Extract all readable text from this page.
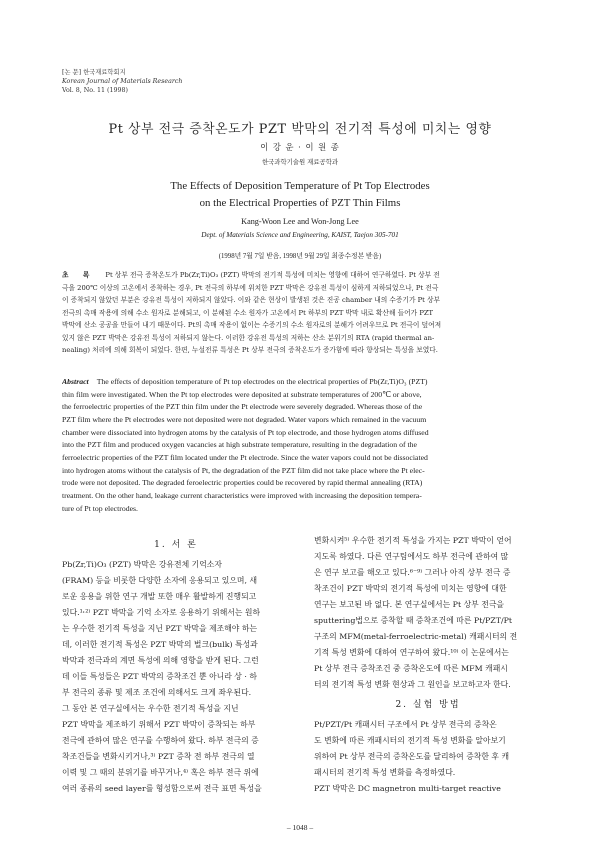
[논 문] 한국재료학회지
Korean Journal of Materials Research
Vol. 8, No. 11 (1998)
Pt 상부 전극 증착온도가 PZT 박막의 전기적 특성에 미치는 영향
이 강 운 · 이 원 종
한국과학기술원 재료공학과
The Effects of Deposition Temperature of Pt Top Electrodes
on the Electrical Properties of PZT Thin Films
Kang-Woon Lee and Won-Jong Lee
Dept. of Materials Science and Engineering, KAIST, Taejon 305-701
(1998년 7월 7일 받음, 1998년 9월 29일 최종수정본 받음)
초 록 Pt 상부 전극 증착온도가 Pb(Zr,Ti)O₃ (PZT) 박막의 전기적 특성에 미치는 영향에 대하여 연구하였다. Pt 상부 전
극을 200℃ 이상의 고온에서 증착하는 경우, Pt 전극의 하부에 위치한 PZT 박막은 강유전 특성이 심하게 저하되었으나, Pt 전극
이 증착되지 않았던 부분은 강유전 특성이 저하되지 않았다. 이와 같은 현상이 발생된 것은 진공 chamber 내의 수증기가 Pt 상부
전극의 촉매 작용에 의해 수소 원자로 분해되고, 이 분해된 수소 원자가 고온에서 Pt 하부의 PZT 박막 내로 확산해 들어가 PZT
박막에 산소 공공을 만들어 내기 때문이다. Pt의 촉매 작용이 없이는 수증기의 수소 원자로의 분해가 어려우므로 Pt 전극이 덮여져
있지 않은 PZT 박막은 강유전 특성이 저하되지 않는다. 이러한 강유전 특성의 저하는 산소 분위기의 RTA (rapid thermal an-
nealing) 처리에 의해 회복이 되었다. 한편, 누설전류 특성은 Pt 상부 전극의 증착온도가 증가함에 따라 향상되는 특성을 보였다.
Abstract The effects of deposition temperature of Pt top electrodes on the electrical properties of Pb(Zr,Ti)O₃ (PZT)
thin film were investigated. When the Pt top electrodes were deposited at substrate temperatures of 200℃ or above,
the ferroelectric properties of the PZT thin film under the Pt electrode were severely degraded. Whereas those of the
PZT film where the Pt electrodes were not deposited were not degraded. Water vapors which remained in the vacuum
chamber were dissociated into hydrogen atoms by the catalysis of Pt top electrode, and those hydrogen atoms diffused
into the PZT film and produced oxygen vacancies at high substrate temperature, resulting in the degradation of the
ferroelectric properties of the PZT film located under the Pt electrode. Since the water vapors could not be dissociated
into hydrogen atoms without the catalysis of Pt, the degradation of the PZT film did not take place where the Pt elec-
trode were not deposited. The degraded feroelectric properties could be recovered by rapid thermal annealing (RTA)
treatment. On the other hand, leakage current characteristics were improved with increasing the deposition tempera-
ture of Pt top electrodes.
1. 서 론
Pb(Zr,Ti)O₃ (PZT) 박막은 강유전체 기억소자
(FRAM) 등을 비롯한 다양한 소자에 응용되고 있으며, 새
로운 응용을 위한 연구 개발 또한 매우 활발하게 진행되고
있다.¹˒²⁾ PZT 박막을 기억 소자로 응용하기 위해서는 원하
는 우수한 전기적 특성을 지닌 PZT 박막을 제조해야 하는
데, 이러한 전기적 특성은 PZT 박막의 벌크(bulk) 특성과
박막과 전극과의 계면 특성에 의해 영향을 받게 된다. 그런
데 이들 특성들은 PZT 박막의 증착조건 뿐 아니라 상 · 하
부 전극의 종류 및 제조 조건에 의해서도 크게 좌우된다.
그 동안 본 연구실에서는 우수한 전기적 특성을 지닌
PZT 박막을 제조하기 위해서 PZT 박막이 증착되는 하부
전극에 관하여 많은 연구를 수행하여 왔다. 하부 전극의 증
착조건들을 변화시키거나,³⁾ PZT 증착 전 하부 전극의 열
이력 및 그 때의 분위기를 바꾸거나,⁴⁾ 혹은 하부 전극 위에
여러 종류의 seed layer를 형성함으로써 전극 표면 특성을
변화시켜⁵⁾ 우수한 전기적 특성을 가지는 PZT 박막이 얻어
지도록 하였다. 다른 연구팀에서도 하부 전극에 관하여 많
은 연구 보고를 해오고 있다.⁶⁻⁹⁾ 그러나 아직 상부 전극 증
착조건이 PZT 박막의 전기적 특성에 미치는 영향에 대한
연구는 보고된 바 없다. 본 연구실에서는 Pt 상부 전극을
sputtering법으로 증착할 때 증착조건에 따른 Pt/PZT/Pt
구조의 MFM(metal-ferroelectric-metal) 캐패시터의 전
기적 특성 변화에 대하여 연구하여 왔다.¹⁰⁾ 이 논문에서는
Pt 상부 전극 증착조건 중 증착온도에 따른 MFM 캐패시
터의 전기적 특성 변화 현상과 그 원인을 보고하고자 한다.
2. 실험 방법
Pt/PZT/Pt 캐패시터 구조에서 Pt 상부 전극의 증착온
도 변화에 따른 캐패시터의 전기적 특성 변화를 알아보기
위하여 Pt 상부 전극의 증착온도를 달리하여 증착한 후 캐
패시터의 전기적 특성 변화를 측정하였다.
PZT 박막은 DC magnetron multi-target reactive
– 1048 –
